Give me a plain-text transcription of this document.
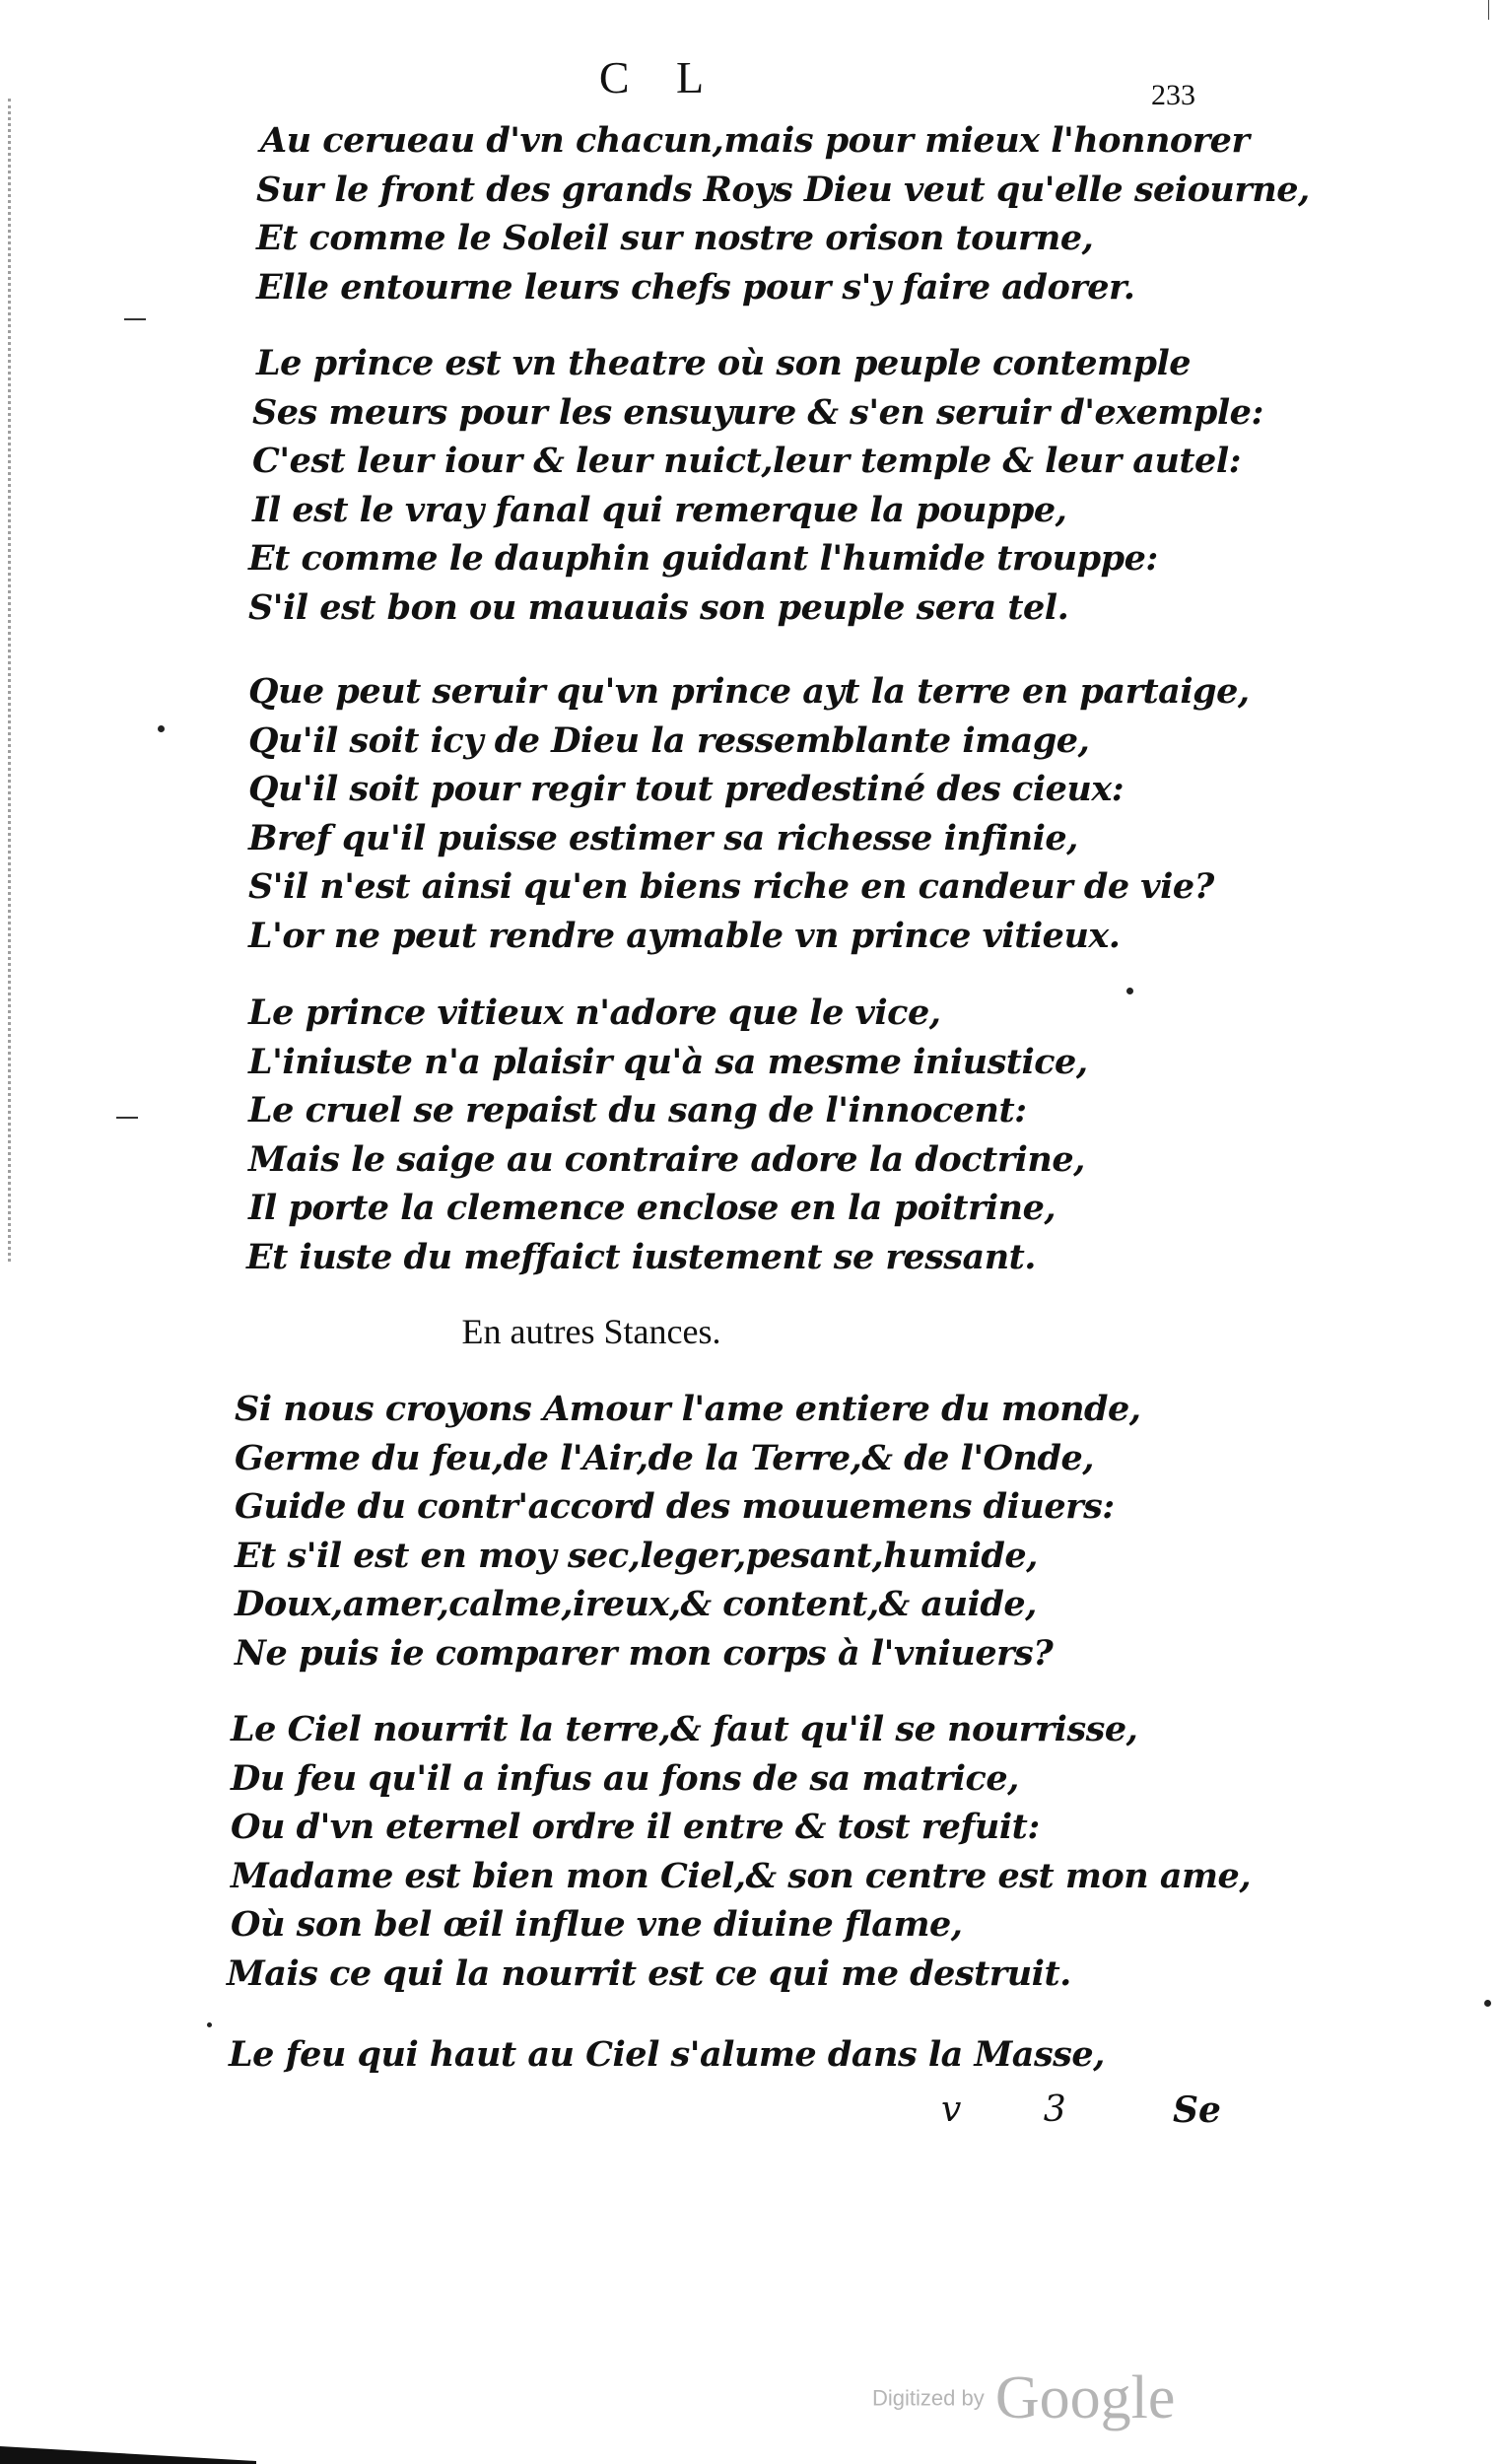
C L	233
Au cerueau d'vn chacun,mais pour mieux l'honnorer
Sur le front des grands Roys Dieu veut qu'elle seiourne,
Et comme le Soleil sur nostre orison tourne,
Elle entourne leurs chefs pour s'y faire adorer.
Le prince est vn theatre où son peuple contemple
Ses meurs pour les ensuyure & s'en seruir d'exemple:
C'est leur iour & leur nuict,leur temple & leur autel:
Il est le vray fanal qui remerque la pouppe,
Et comme le dauphin guidant l'humide trouppe:
S'il est bon ou mauuais son peuple sera tel.
Que peut seruir qu'vn prince ayt la terre en partaige,
Qu'il soit icy de Dieu la ressemblante image,
Qu'il soit pour regir tout predestiné des cieux:
Bref qu'il puisse estimer sa richesse infinie,
S'il n'est ainsi qu'en biens riche en candeur de vie?
L'or ne peut rendre aymable vn prince vitieux.
Le prince vitieux n'adore que le vice,
L'iniuste n'a plaisir qu'à sa mesme iniustice,
Le cruel se repaist du sang de l'innocent:
Mais le saige au contraire adore la doctrine,
Il porte la clemence enclose en la poitrine,
Et iuste du meffaict iustement se ressant.
En autres Stances.
Si nous croyons Amour l'ame entiere du monde,
Germe du feu,de l'Air,de la Terre,& de l'Onde,
Guide du contr'accord des mouuemens diuers:
Et s'il est en moy sec,leger,pesant,humide,
Doux,amer,calme,ireux,& content,& auide,
Ne puis ie comparer mon corps à l'vniuers?
Le Ciel nourrit la terre,& faut qu'il se nourrisse,
Du feu qu'il a infus au fons de sa matrice,
Ou d'vn eternel ordre il entre & tost refuit:
Madame est bien mon Ciel,& son centre est mon ame,
Où son bel œil influe vne diuine flame,
Mais ce qui la nourrit est ce qui me destruit.
Le feu qui haut au Ciel s'alume dans la Masse,
v 3 Se
Digitized by Google
